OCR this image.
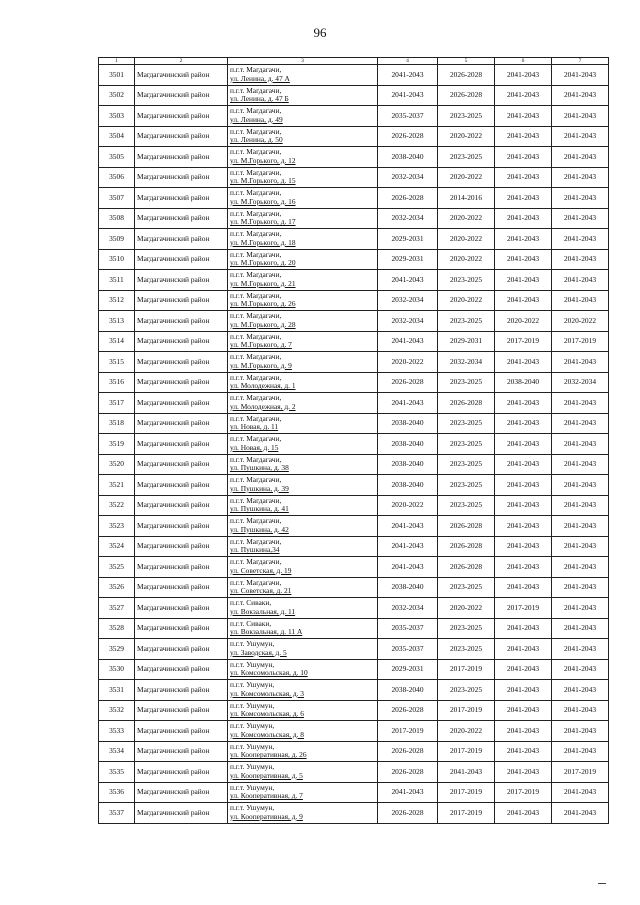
96
1	2	3	4	5	6	7
3501	Магдагачинский район	п.г.т. Магдагачи,
ул. Ленина, д. 47 А	2041-2043	2026-2028	2041-2043	2041-2043
3502	Магдагачинский район	п.г.т. Магдагачи,
ул. Ленина, д. 47 Б	2041-2043	2026-2028	2041-2043	2041-2043
3503	Магдагачинский район	п.г.т. Магдагачи,
ул. Ленина, д. 49	2035-2037	2023-2025	2041-2043	2041-2043
3504	Магдагачинский район	п.г.т. Магдагачи,
ул. Ленина, д. 50	2026-2028	2020-2022	2041-2043	2041-2043
3505	Магдагачинский район	п.г.т. Магдагачи,
ул. М.Горького, д. 12	2038-2040	2023-2025	2041-2043	2041-2043
3506	Магдагачинский район	п.г.т. Магдагачи,
ул. М.Горького, д. 15	2032-2034	2020-2022	2041-2043	2041-2043
3507	Магдагачинский район	п.г.т. Магдагачи,
ул. М.Горького, д. 16	2026-2028	2014-2016	2041-2043	2041-2043
3508	Магдагачинский район	п.г.т. Магдагачи,
ул. М.Горького, д. 17	2032-2034	2020-2022	2041-2043	2041-2043
3509	Магдагачинский район	п.г.т. Магдагачи,
ул. М.Горького, д. 18	2029-2031	2020-2022	2041-2043	2041-2043
3510	Магдагачинский район	п.г.т. Магдагачи,
ул. М.Горького, д. 20	2029-2031	2020-2022	2041-2043	2041-2043
3511	Магдагачинский район	п.г.т. Магдагачи,
ул. М.Горького, д. 21	2041-2043	2023-2025	2041-2043	2041-2043
3512	Магдагачинский район	п.г.т. Магдагачи,
ул. М.Горького, д. 26	2032-2034	2020-2022	2041-2043	2041-2043
3513	Магдагачинский район	п.г.т. Магдагачи,
ул. М.Горького, д. 28	2032-2034	2023-2025	2020-2022	2020-2022
3514	Магдагачинский район	п.г.т. Магдагачи,
ул. М.Горького, д. 7	2041-2043	2029-2031	2017-2019	2017-2019
3515	Магдагачинский район	п.г.т. Магдагачи,
ул. М.Горького, д. 9	2020-2022	2032-2034	2041-2043	2041-2043
3516	Магдагачинский район	п.г.т. Магдагачи,
ул. Молодежная, д. 1	2026-2028	2023-2025	2038-2040	2032-2034
3517	Магдагачинский район	п.г.т. Магдагачи,
ул. Молодежная, д. 2	2041-2043	2026-2028	2041-2043	2041-2043
3518	Магдагачинский район	п.г.т. Магдагачи,
ул. Новая, д. 11	2038-2040	2023-2025	2041-2043	2041-2043
3519	Магдагачинский район	п.г.т. Магдагачи,
ул. Новая, д. 15	2038-2040	2023-2025	2041-2043	2041-2043
3520	Магдагачинский район	п.г.т. Магдагачи,
ул. Пушкина, д. 38	2038-2040	2023-2025	2041-2043	2041-2043
3521	Магдагачинский район	п.г.т. Магдагачи,
ул. Пушкина, д. 39	2038-2040	2023-2025	2041-2043	2041-2043
3522	Магдагачинский район	п.г.т. Магдагачи,
ул. Пушкина, д. 41	2020-2022	2023-2025	2041-2043	2041-2043
3523	Магдагачинский район	п.г.т. Магдагачи,
ул. Пушкина, д. 42	2041-2043	2026-2028	2041-2043	2041-2043
3524	Магдагачинский район	п.г.т. Магдагачи,
ул. Пушкина,34	2041-2043	2026-2028	2041-2043	2041-2043
3525	Магдагачинский район	п.г.т. Магдагачи,
ул. Советская, д. 19	2041-2043	2026-2028	2041-2043	2041-2043
3526	Магдагачинский район	п.г.т. Магдагачи,
ул. Советская, д. 21	2038-2040	2023-2025	2041-2043	2041-2043
3527	Магдагачинский район	п.г.т. Сиваки,
ул. Вокзальная, д. 11	2032-2034	2020-2022	2017-2019	2041-2043
3528	Магдагачинский район	п.г.т. Сиваки,
ул. Вокзальная, д. 11 А	2035-2037	2023-2025	2041-2043	2041-2043
3529	Магдагачинский район	п.г.т. Ушумун,
ул. Заводская, д. 5	2035-2037	2023-2025	2041-2043	2041-2043
3530	Магдагачинский район	п.г.т. Ушумун,
ул. Комсомольская, д. 10	2029-2031	2017-2019	2041-2043	2041-2043
3531	Магдагачинский район	п.г.т. Ушумун,
ул. Комсомольская, д. 3	2038-2040	2023-2025	2041-2043	2041-2043
3532	Магдагачинский район	п.г.т. Ушумун,
ул. Комсомольская, д. 6	2026-2028	2017-2019	2041-2043	2041-2043
3533	Магдагачинский район	п.г.т. Ушумун,
ул. Комсомольская, д. 8	2017-2019	2020-2022	2041-2043	2041-2043
3534	Магдагачинский район	п.г.т. Ушумун,
ул. Кооперативная, д. 26	2026-2028	2017-2019	2041-2043	2041-2043
3535	Магдагачинский район	п.г.т. Ушумун,
ул. Кооперативная, д. 5	2026-2028	2041-2043	2041-2043	2017-2019
3536	Магдагачинский район	п.г.т. Ушумун,
ул. Кооперативная, д. 7	2041-2043	2017-2019	2017-2019	2041-2043
3537	Магдагачинский район	п.г.т. Ушумун,
ул. Кооперативная, д. 9	2026-2028	2017-2019	2041-2043	2041-2043
